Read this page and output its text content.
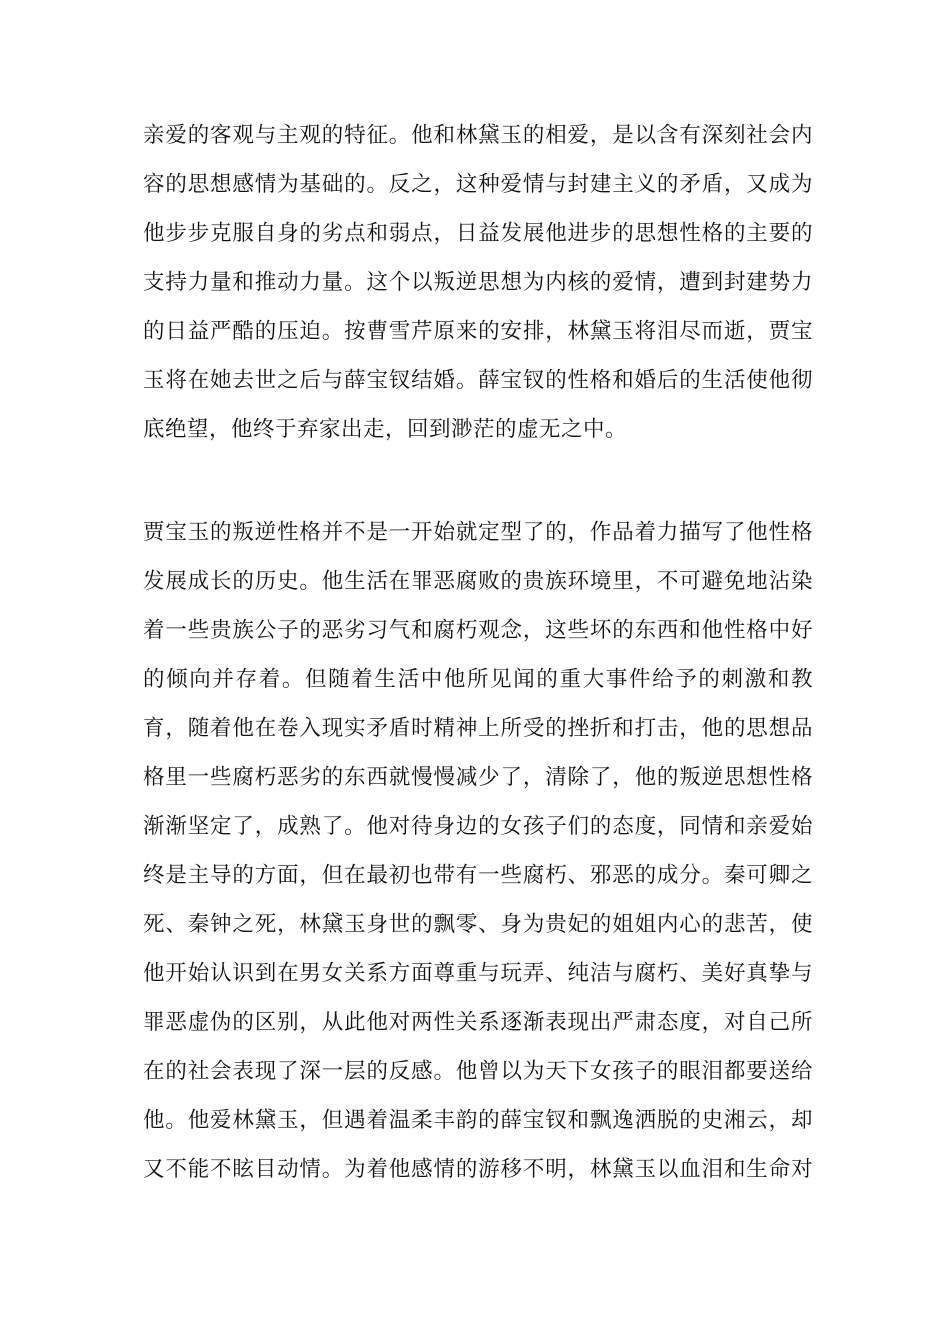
亲爱的客观与主观的特征。他和林黛玉的相爱，是以含有深刻社会内
容的思想感情为基础的。反之，这种爱情与封建主义的矛盾，又成为
他步步克服自身的劣点和弱点，日益发展他进步的思想性格的主要的
支持力量和推动力量。这个以叛逆思想为内核的爱情，遭到封建势力
的日益严酷的压迫。按曹雪芹原来的安排，林黛玉将泪尽而逝，贾宝
玉将在她去世之后与薛宝钗结婚。薛宝钗的性格和婚后的生活使他彻
底绝望，他终于弃家出走，回到渺茫的虚无之中。
贾宝玉的叛逆性格并不是一开始就定型了的，作品着力描写了他性格
发展成长的历史。他生活在罪恶腐败的贵族环境里，不可避免地沾染
着一些贵族公子的恶劣习气和腐朽观念，这些坏的东西和他性格中好
的倾向并存着。但随着生活中他所见闻的重大事件给予的刺激和教
育，随着他在卷入现实矛盾时精神上所受的挫折和打击，他的思想品
格里一些腐朽恶劣的东西就慢慢减少了，清除了，他的叛逆思想性格
渐渐坚定了，成熟了。他对待身边的女孩子们的态度，同情和亲爱始
终是主导的方面，但在最初也带有一些腐朽、邪恶的成分。秦可卿之
死、秦钟之死，林黛玉身世的飘零、身为贵妃的姐姐内心的悲苦，使
他开始认识到在男女关系方面尊重与玩弄、纯洁与腐朽、美好真挚与
罪恶虚伪的区别，从此他对两性关系逐渐表现出严肃态度，对自己所
在的社会表现了深一层的反感。他曾以为天下女孩子的眼泪都要送给
他。他爱林黛玉，但遇着温柔丰韵的薛宝钗和飘逸洒脱的史湘云，却
又不能不眩目动情。为着他感情的游移不明，林黛玉以血泪和生命对
